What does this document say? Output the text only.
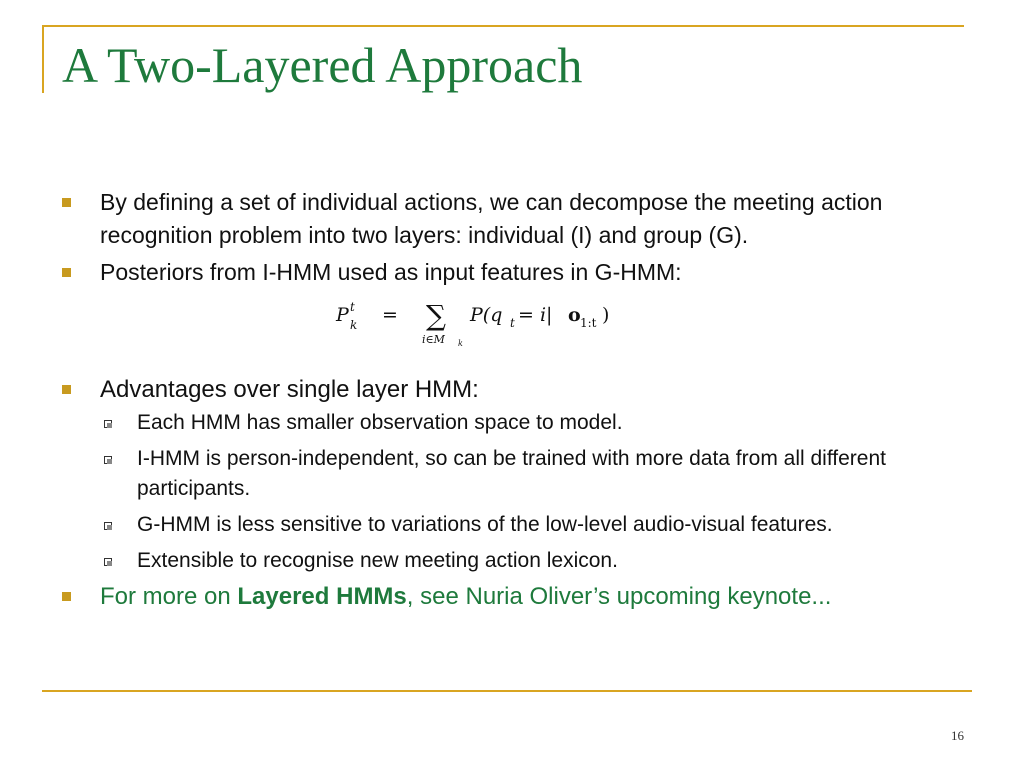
A Two-Layered Approach
By defining a set of individual actions, we can decompose the meeting action recognition problem into two layers: individual (I) and group (G).
Posteriors from I-HMM used as input features in G-HMM:
P t
k = ∑
i∈M k
P(q t = i| o 1:t )
Advantages over single layer HMM:
Each HMM has smaller observation space to model.
I-HMM is person-independent, so can be trained with more data from all different participants.
G-HMM is less sensitive to variations of the low-level audio-visual features.
Extensible to recognise new meeting action lexicon.
For more on Layered HMMs, see Nuria Oliver’s upcoming keynote...
16
